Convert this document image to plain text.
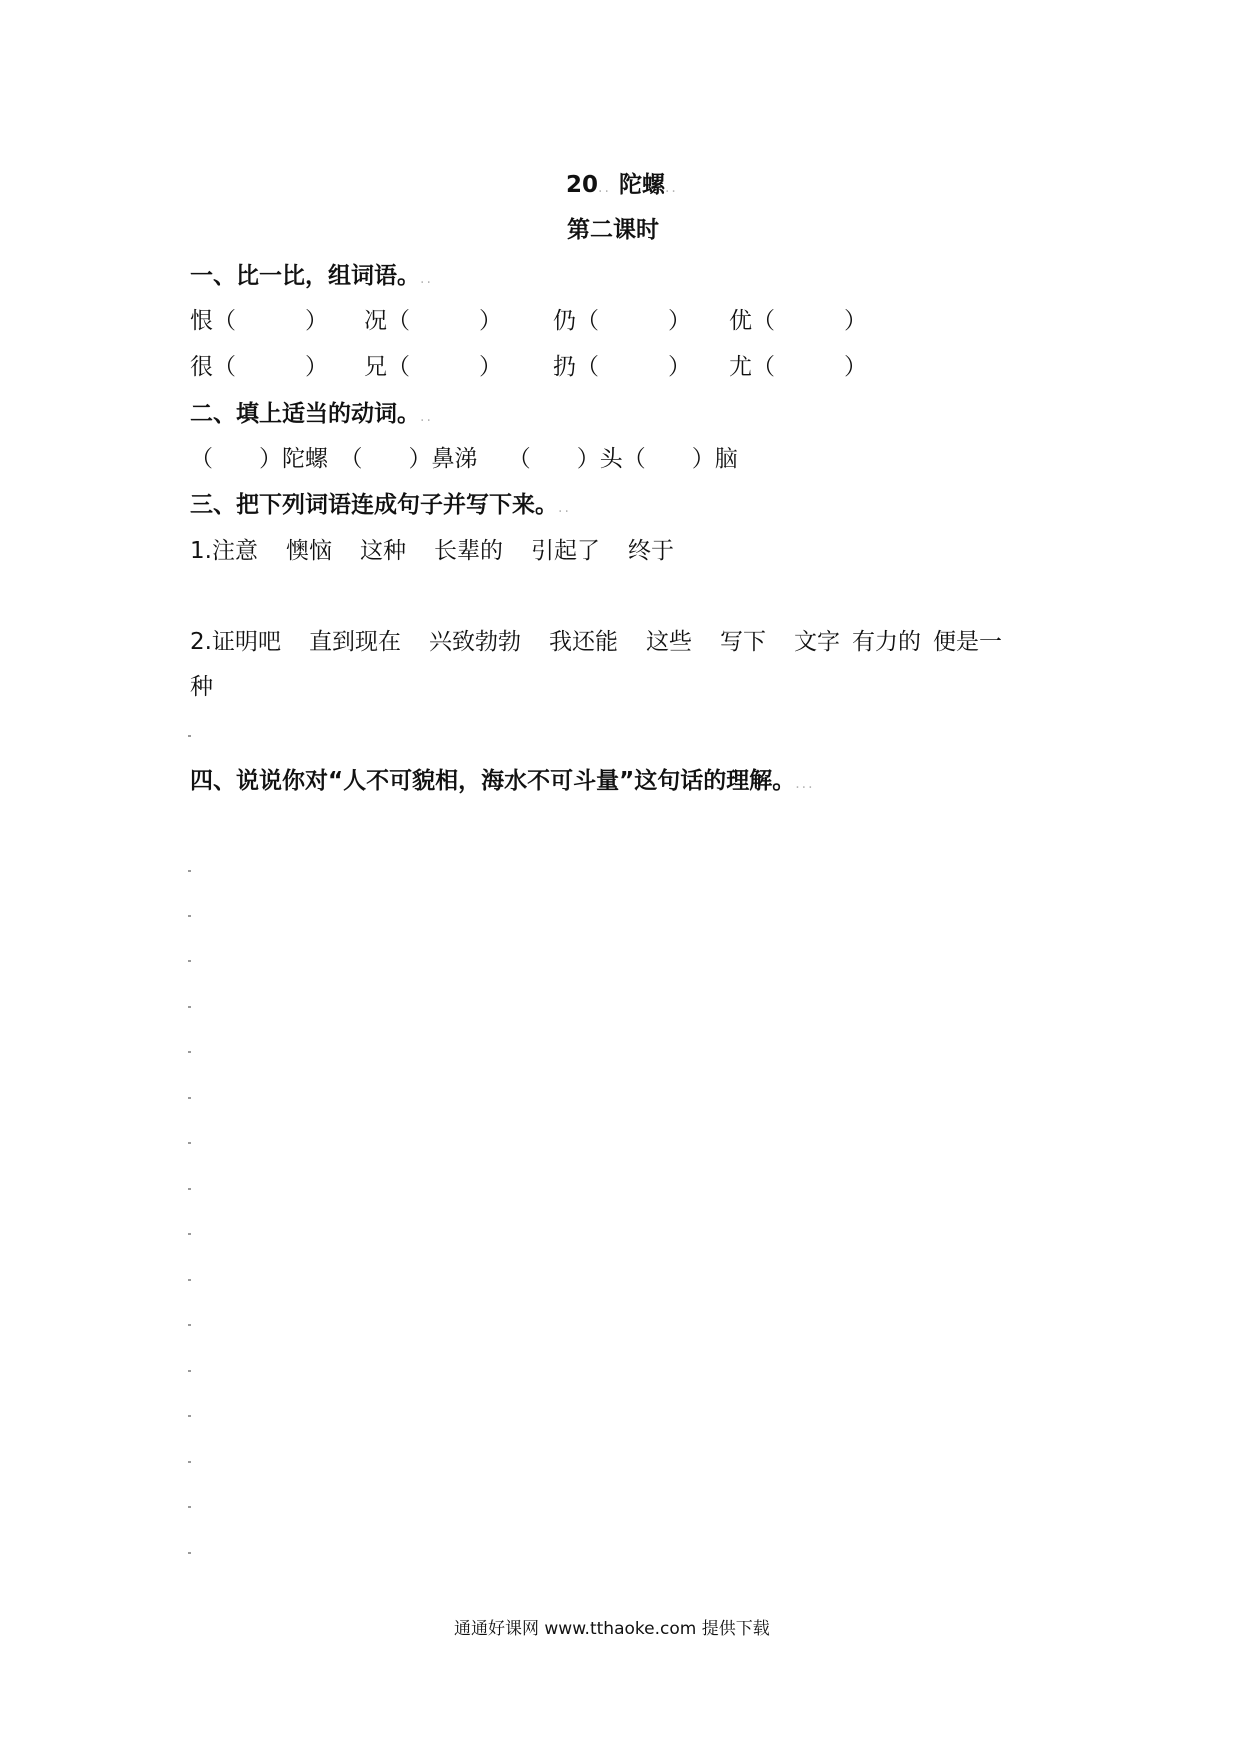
20.. 陀螺..
第二课时
一、比一比，组词语。..
恨（　　　） 况（　　　） 仍（　　　） 优（　　　）
很（　　　） 兄（　　　） 扔（　　　） 尤（　　　）
二、填上适当的动词。..
（　　）陀螺　（　　）鼻涕　 （　　）头（　　）脑
三、把下列词语连成句子并写下来。..
1.注意 懊恼 这种 长辈的 引起了 终于
2.证明吧 直到现在 兴致勃勃 我还能 这些 写下 文字 有力的 便是一
种
四、说说你对“人不可貌相，海水不可斗量”这句话的理解。...
通通好课网 www.tthaoke.com 提供下载
